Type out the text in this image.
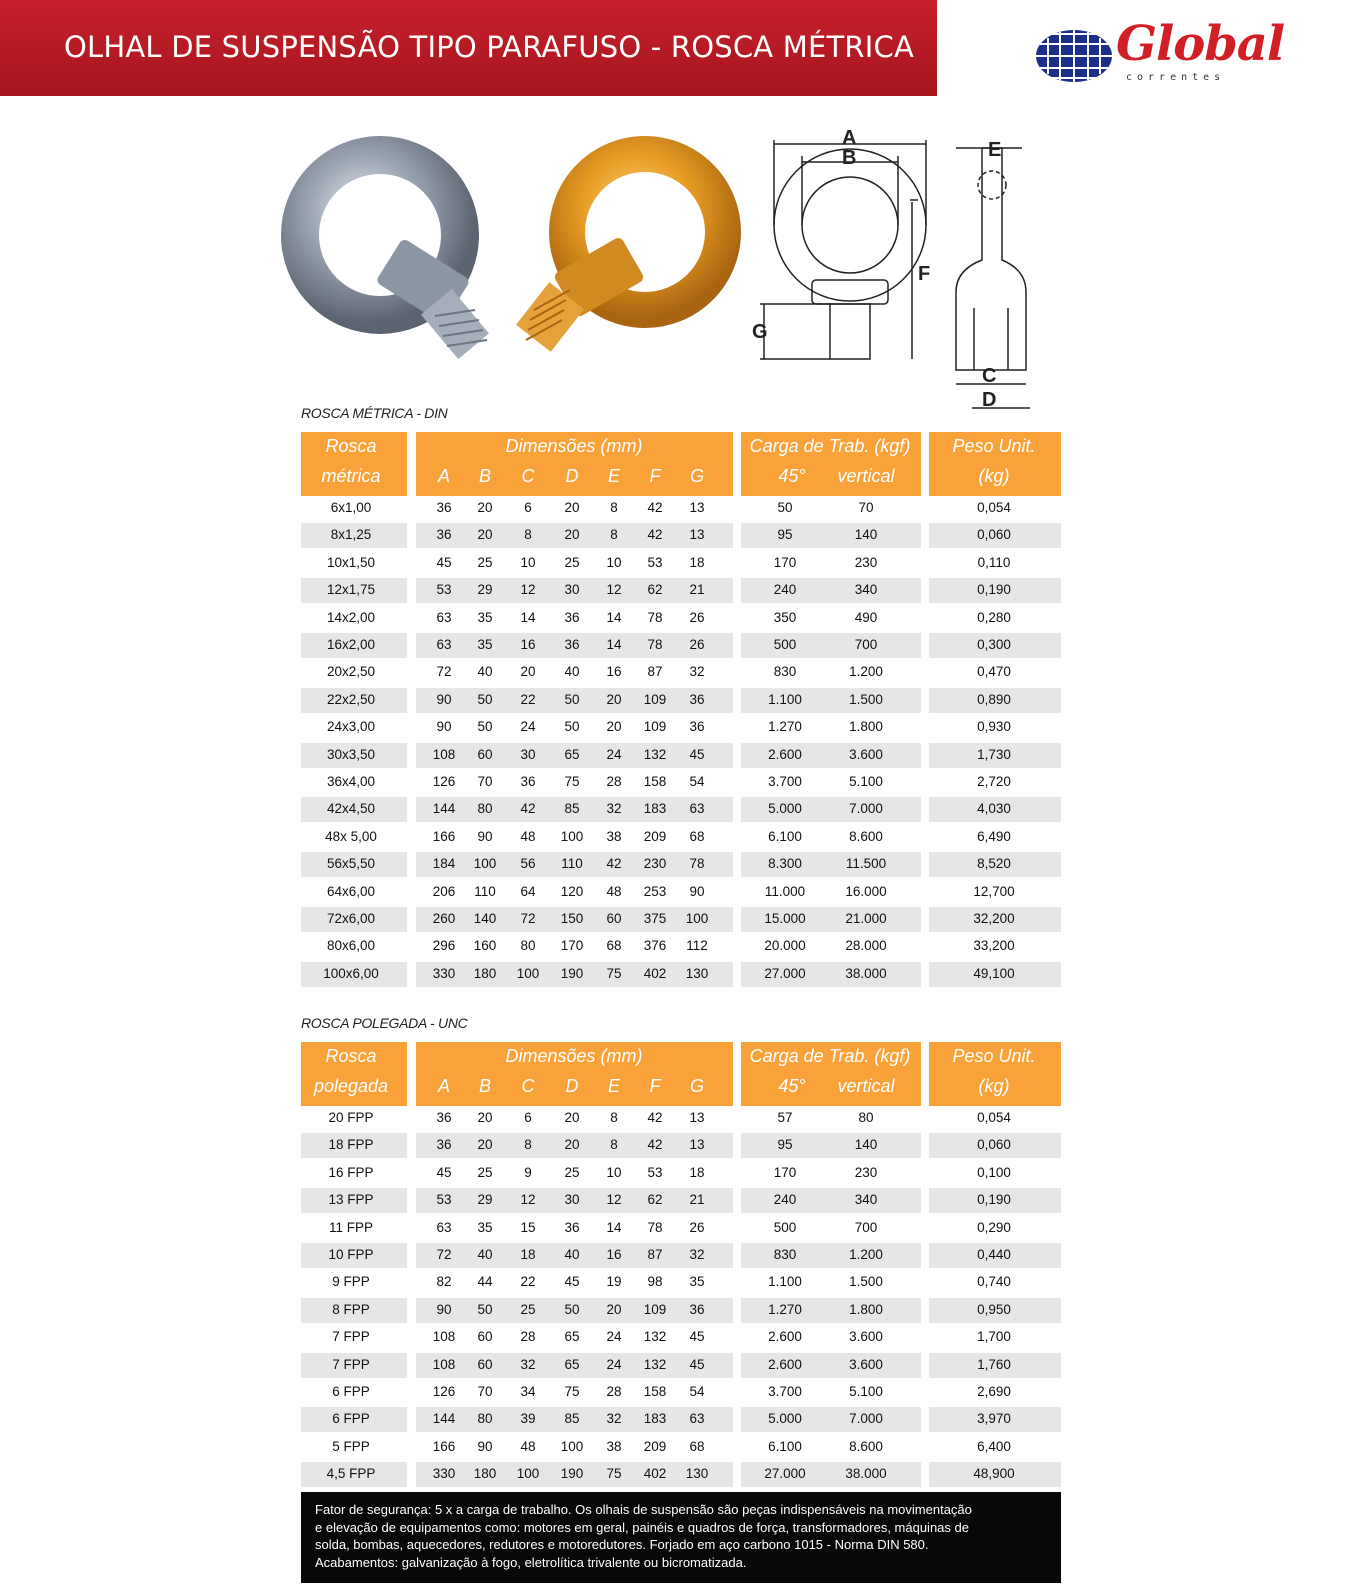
OLHAL DE SUSPENSÃO TIPO PARAFUSO - ROSCA MÉTRICA	Global
correntes
A
B
F
G
E
C
D
ROSCA MÉTRICA - DIN
Rosca
métrica
Dimensões (mm)
A B C D E F G
Carga de Trab. (kgf)
45° vertical
Peso Unit.
(kg)
6x1,00	36 20 6 20 8 42 13	50	70	0,054
8x1,25	36 20 8 20 8 42 13	95	140	0,060
10x1,50	45 25 10 25 10 53 18	170	230	0,110
12x1,75	53 29 12 30 12 62 21	240	340	0,190
14x2,00	63 35 14 36 14 78 26	350	490	0,280
16x2,00	63 35 16 36 14 78 26	500	700	0,300
20x2,50	72 40 20 40 16 87 32	830	1.200	0,470
22x2,50	90 50 22 50 20 109 36	1.100	1.500	0,890
24x3,00	90 50 24 50 20 109 36	1.270	1.800	0,930
30x3,50	108 60 30 65 24 132 45	2.600	3.600	1,730
36x4,00	126 70 36 75 28 158 54	3.700	5.100	2,720
42x4,50	144 80 42 85 32 183 63	5.000	7.000	4,030
48x 5,00	166 90 48 100 38 209 68	6.100	8.600	6,490
56x5,50	184 100 56 110 42 230 78	8.300	11.500	8,520
64x6,00	206 110 64 120 48 253 90	11.000	16.000	12,700
72x6,00	260 140 72 150 60 375 100	15.000	21.000	32,200
80x6,00	296 160 80 170 68 376 112	20.000	28.000	33,200
100x6,00	330 180 100 190 75 402 130	27.000	38.000	49,100
ROSCA POLEGADA - UNC
Rosca
polegada
Dimensões (mm)
A B C D E F G
Carga de Trab. (kgf)
45° vertical
Peso Unit.
(kg)
20 FPP	36 20 6 20 8 42 13	57	80	0,054
18 FPP	36 20 8 20 8 42 13	95	140	0,060
16 FPP	45 25 9 25 10 53 18	170	230	0,100
13 FPP	53 29 12 30 12 62 21	240	340	0,190
11 FPP	63 35 15 36 14 78 26	500	700	0,290
10 FPP	72 40 18 40 16 87 32	830	1.200	0,440
9 FPP	82 44 22 45 19 98 35	1.100	1.500	0,740
8 FPP	90 50 25 50 20 109 36	1.270	1.800	0,950
7 FPP	108 60 28 65 24 132 45	2.600	3.600	1,700
7 FPP	108 60 32 65 24 132 45	2.600	3.600	1,760
6 FPP	126 70 34 75 28 158 54	3.700	5.100	2,690
6 FPP	144 80 39 85 32 183 63	5.000	7.000	3,970
5 FPP	166 90 48 100 38 209 68	6.100	8.600	6,400
4,5 FPP	330 180 100 190 75 402 130	27.000	38.000	48,900

Fator de segurança: 5 x a carga de trabalho. Os olhais de suspensão são peças indispensáveis na movimentação

e elevação de equipamentos como: motores em geral, painéis e quadros de força, transformadores, máquinas de

solda, bombas, aquecedores, redutores e motoredutores. Forjado em aço carbono 1015 - Norma DIN 580.

Acabamentos: galvanização à fogo, eletrolítica trivalente ou bicromatizada.
